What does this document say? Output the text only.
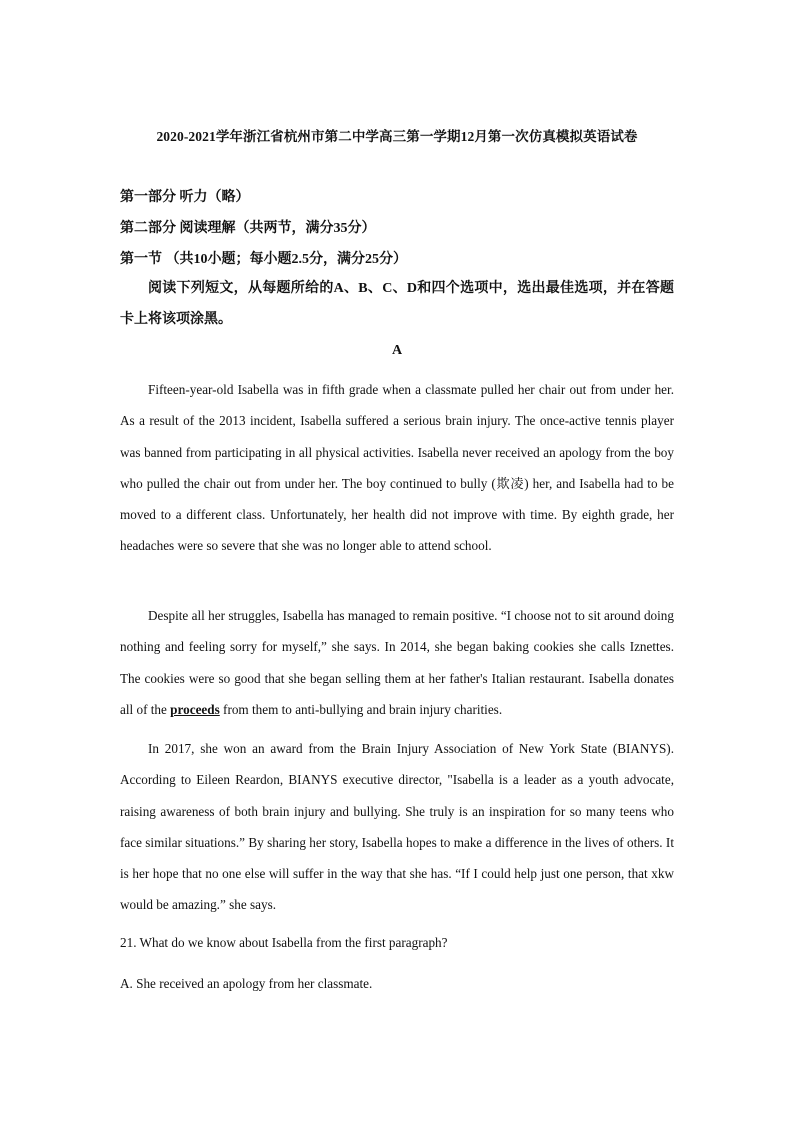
2020-2021学年浙江省杭州市第二中学高三第一学期12月第一次仿真模拟英语试卷
第一部分 听力（略）
第二部分 阅读理解（共两节，满分35分）
第一节 （共10小题；每小题2.5分，满分25分）
阅读下列短文，从每题所给的A、B、C、D和四个选项中，选出最佳选项，并在答题卡上将该项涂黑。
A
Fifteen-year-old Isabella was in fifth grade when a classmate pulled her chair out from under her. As a result of the 2013 incident, Isabella suffered a serious brain injury. The once-active tennis player was banned from participating in all physical activities. Isabella never received an apology from the boy who pulled the chair out from under her. The boy continued to bully (欺凌) her, and Isabella had to be moved to a different class. Unfortunately, her health did not improve with time. By eighth grade, her headaches were so severe that she was no longer able to attend school.
Despite all her struggles, Isabella has managed to remain positive. “I choose not to sit around doing nothing and feeling sorry for myself,” she says. In 2014, she began baking cookies she calls Iznettes. The cookies were so good that she began selling them at her father's Italian restaurant. Isabella donates all of the proceeds from them to anti-bullying and brain injury charities.
In 2017, she won an award from the Brain Injury Association of New York State (BIANYS). According to Eileen Reardon, BIANYS executive director, "Isabella is a leader as a youth advocate, raising awareness of both brain injury and bullying. She truly is an inspiration for so many teens who face similar situations.” By sharing her story, Isabella hopes to make a difference in the lives of others. It is her hope that no one else will suffer in the way that she has. “If I could help just one person, that xkw would be amazing.” she says.
21. What do we know about Isabella from the first paragraph?
A. She received an apology from her classmate.
